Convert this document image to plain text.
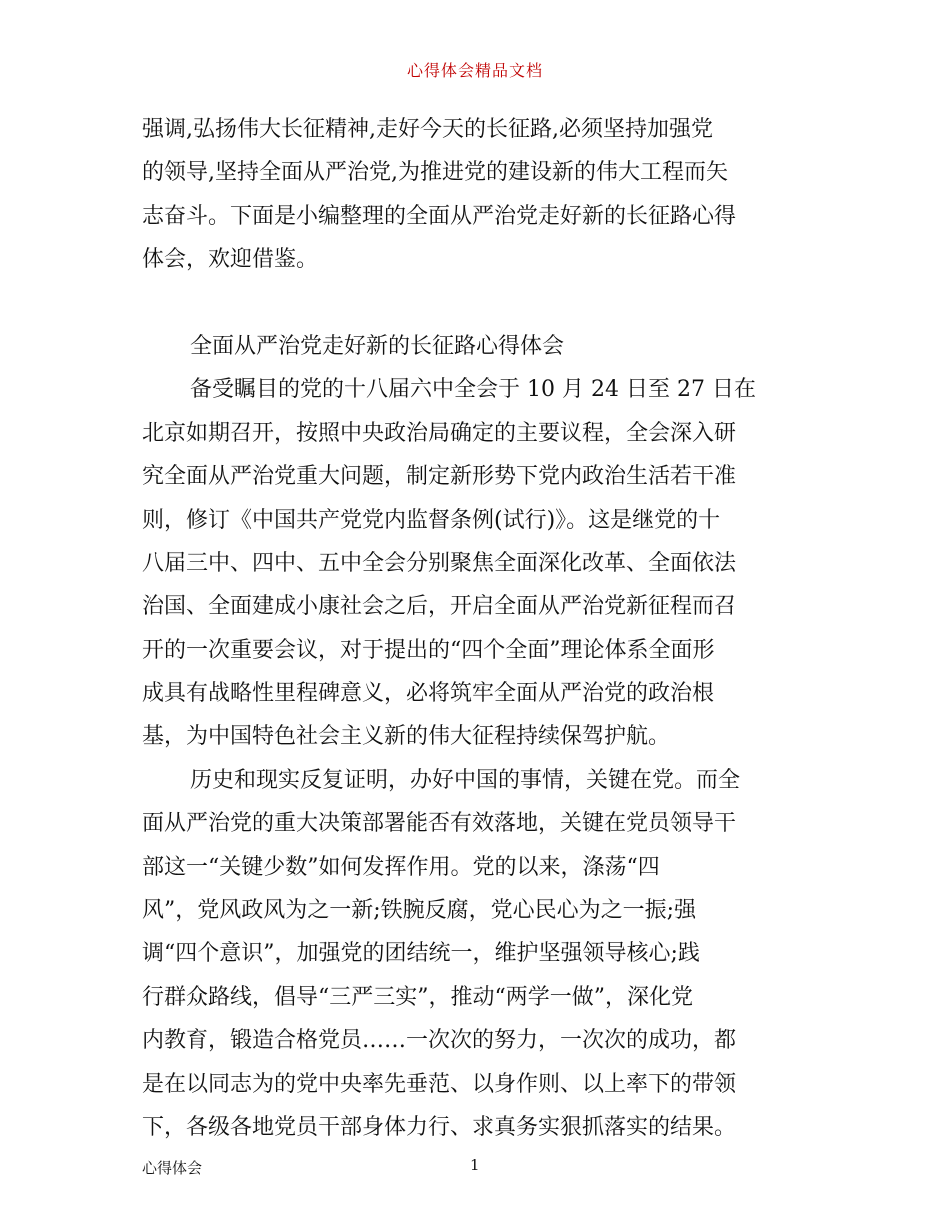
心得体会精品文档
强调,弘扬伟大长征精神,走好今天的长征路,必须坚持加强党
的领导,坚持全面从严治党,为推进党的建设新的伟大工程而矢
志奋斗。下面是小编整理的全面从严治党走好新的长征路心得
体会，欢迎借鉴。
全面从严治党走好新的长征路心得体会
备受瞩目的党的十八届六中全会于 10 月 24 日至 27 日在
北京如期召开，按照中央政治局确定的主要议程，全会深入研
究全面从严治党重大问题，制定新形势下党内政治生活若干准
则，修订《中国共产党党内监督条例(试行)》。这是继党的十
八届三中、四中、五中全会分别聚焦全面深化改革、全面依法
治国、全面建成小康社会之后，开启全面从严治党新征程而召
开的一次重要会议，对于提出的“四个全面”理论体系全面形
成具有战略性里程碑意义，必将筑牢全面从严治党的政治根
基，为中国特色社会主义新的伟大征程持续保驾护航。
历史和现实反复证明，办好中国的事情，关键在党。而全
面从严治党的重大决策部署能否有效落地，关键在党员领导干
部这一“关键少数”如何发挥作用。党的以来，涤荡“四
风”，党风政风为之一新;铁腕反腐，党心民心为之一振;强
调“四个意识”，加强党的团结统一，维护坚强领导核心;践
行群众路线，倡导“三严三实”，推动“两学一做”，深化党
内教育，锻造合格党员……一次次的努力，一次次的成功，都
是在以同志为的党中央率先垂范、以身作则、以上率下的带领
下，各级各地党员干部身体力行、求真务实狠抓落实的结果。
心得体会	1
